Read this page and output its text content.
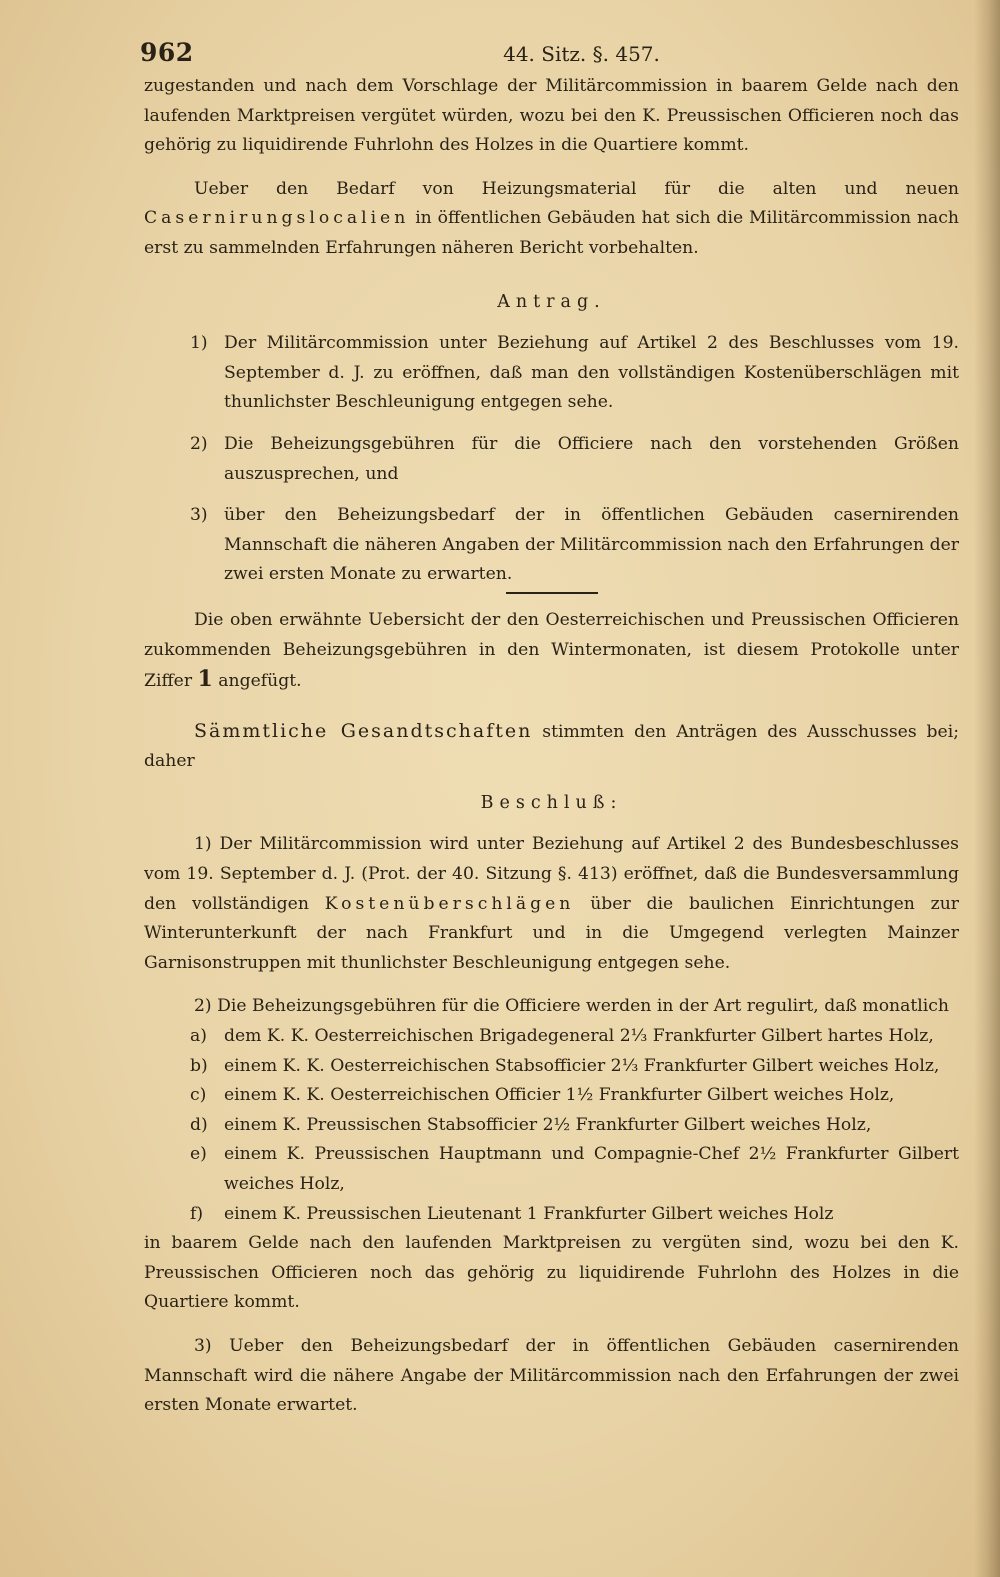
962	44. Sitz. §. 457.

zugestanden und nach dem Vorschlage der Militärcommission in baarem Gelde nach den laufenden Marktpreisen vergütet würden, wozu bei den K. Preussischen Officieren noch das gehörig zu liquidirende Fuhrlohn des Holzes in die Quartiere kommt.

Ueber den Bedarf von Heizungsmaterial für die alten und neuen Casernirungslocalien in öffentlichen Gebäuden hat sich die Militärcommission nach erst zu sammelnden Erfahrungen näheren Bericht vorbehalten.

Antrag.

1) Der Militärcommission unter Beziehung auf Artikel 2 des Beschlusses vom 19. September d. J. zu eröffnen, daß man den vollständigen Kostenüberschlägen mit thunlichster Beschleunigung entgegen sehe.
2) Die Beheizungsgebühren für die Officiere nach den vorstehenden Größen auszusprechen, und
3) über den Beheizungsbedarf der in öffentlichen Gebäuden casernirenden Mannschaft die näheren Angaben der Militärcommission nach den Erfahrungen der zwei ersten Monate zu erwarten.

Die oben erwähnte Uebersicht der den Oesterreichischen und Preussischen Officieren zukommenden Beheizungsgebühren in den Wintermonaten, ist diesem Protokolle unter Ziffer 1 angefügt.

Sämmtliche Gesandtschaften stimmten den Anträgen des Ausschusses bei; daher

Beschluß:

1) Der Militärcommission wird unter Beziehung auf Artikel 2 des Bundesbeschlusses vom 19. September d. J. (Prot. der 40. Sitzung §. 413) eröffnet, daß die Bundesversammlung den vollständigen Kostenüberschlägen über die baulichen Einrichtungen zur Winterunterkunft der nach Frankfurt und in die Umgegend verlegten Mainzer Garnisonstruppen mit thunlichster Beschleunigung entgegen sehe.

2) Die Beheizungsgebühren für die Officiere werden in der Art regulirt, daß monatlich

a) dem K. K. Oesterreichischen Brigadegeneral 2⅓ Frankfurter Gilbert hartes Holz,
b) einem K. K. Oesterreichischen Stabsofficier 2⅓ Frankfurter Gilbert weiches Holz,
c) einem K. K. Oesterreichischen Officier 1½ Frankfurter Gilbert weiches Holz,
d) einem K. Preussischen Stabsofficier 2½ Frankfurter Gilbert weiches Holz,
e) einem K. Preussischen Hauptmann und Compagnie-Chef 2½ Frankfurter Gilbert weiches Holz,
f) einem K. Preussischen Lieutenant 1 Frankfurter Gilbert weiches Holz

in baarem Gelde nach den laufenden Marktpreisen zu vergüten sind, wozu bei den K. Preussischen Officieren noch das gehörig zu liquidirende Fuhrlohn des Holzes in die Quartiere kommt.

3) Ueber den Beheizungsbedarf der in öffentlichen Gebäuden casernirenden Mannschaft wird die nähere Angabe der Militärcommission nach den Erfahrungen der zwei ersten Monate erwartet.
